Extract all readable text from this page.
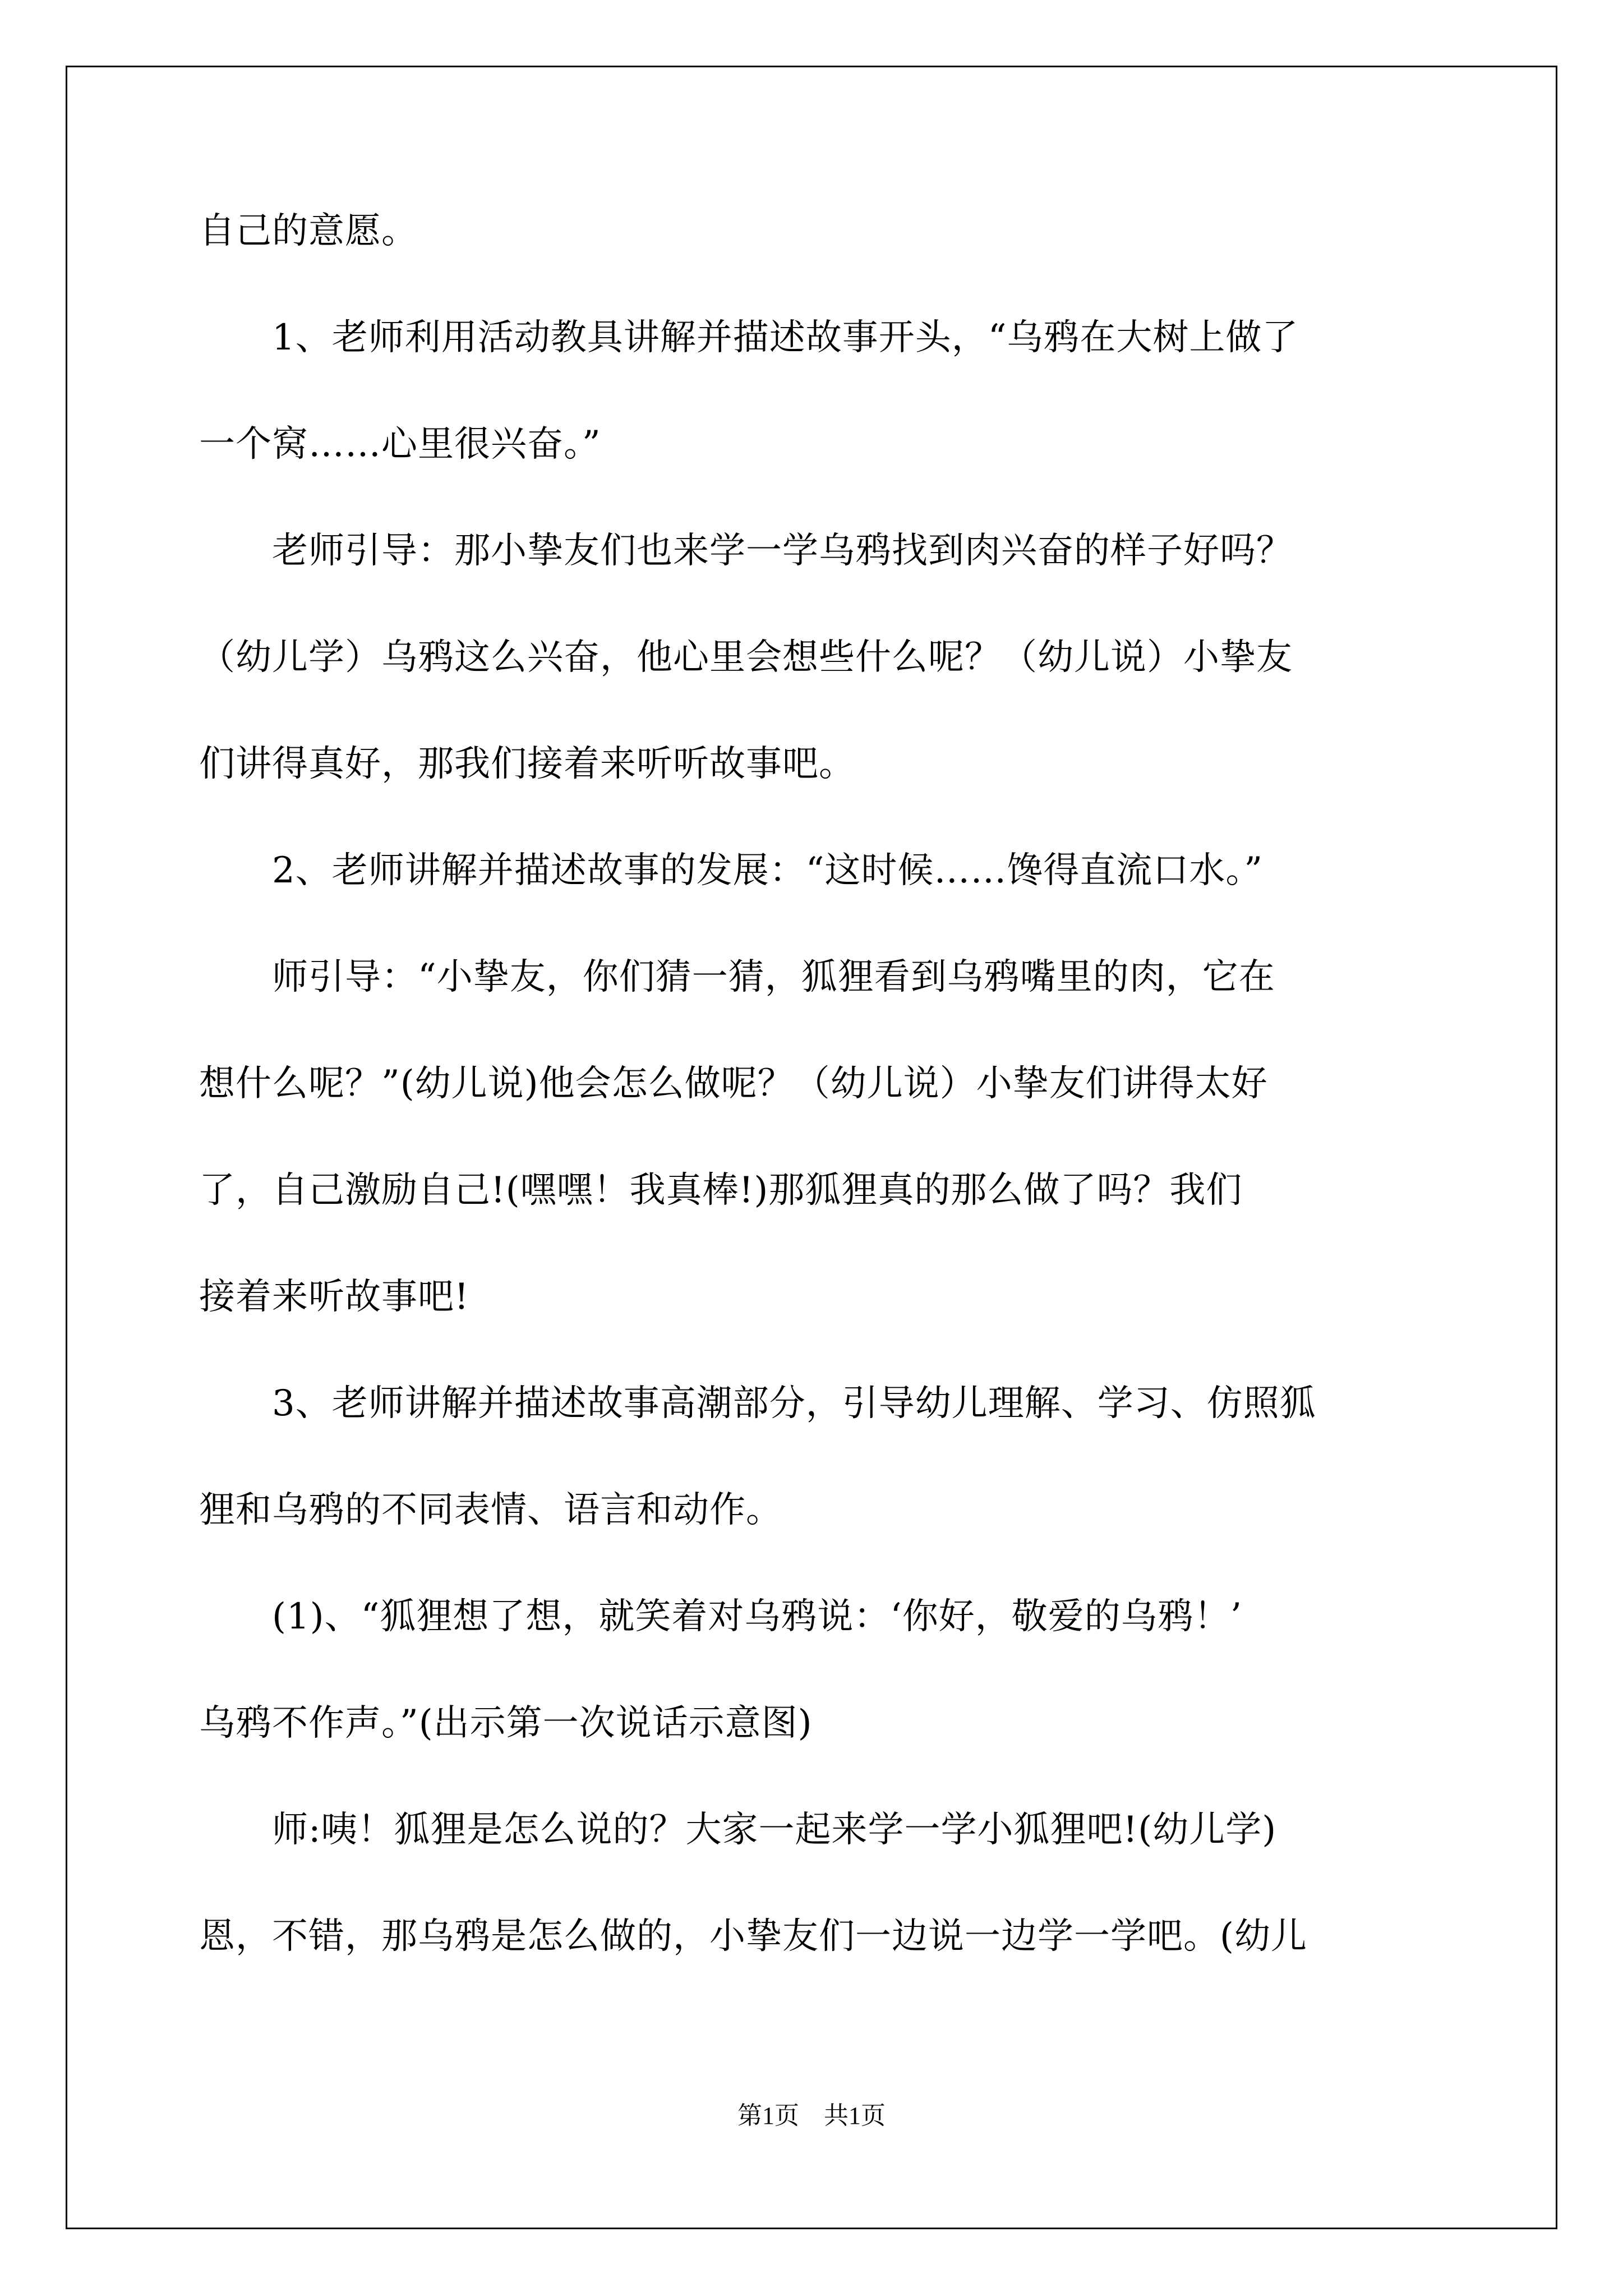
自己的意愿。
　　1、老师利用活动教具讲解并描述故事开头，“乌鸦在大树上做了
一个窝……心里很兴奋。”
　　老师引导：那小挚友们也来学一学乌鸦找到肉兴奋的样子好吗？
（幼儿学）乌鸦这么兴奋，他心里会想些什么呢？（幼儿说）小挚友
们讲得真好，那我们接着来听听故事吧。
　　2、老师讲解并描述故事的发展：“这时候……馋得直流口水。”
　　师引导：“小挚友，你们猜一猜，狐狸看到乌鸦嘴里的肉，它在
想什么呢？”(幼儿说)他会怎么做呢？（幼儿说）小挚友们讲得太好
了，自己激励自己!(嘿嘿！我真棒!)那狐狸真的那么做了吗？我们
接着来听故事吧!
　　3、老师讲解并描述故事高潮部分，引导幼儿理解、学习、仿照狐
狸和乌鸦的不同表情、语言和动作。
　　(1)、“狐狸想了想，就笑着对乌鸦说：‘你好，敬爱的乌鸦！’
乌鸦不作声。”(出示第一次说话示意图)
　　师:咦！狐狸是怎么说的？大家一起来学一学小狐狸吧!(幼儿学)
恩，不错，那乌鸦是怎么做的，小挚友们一边说一边学一学吧。(幼儿
第1页　共1页
